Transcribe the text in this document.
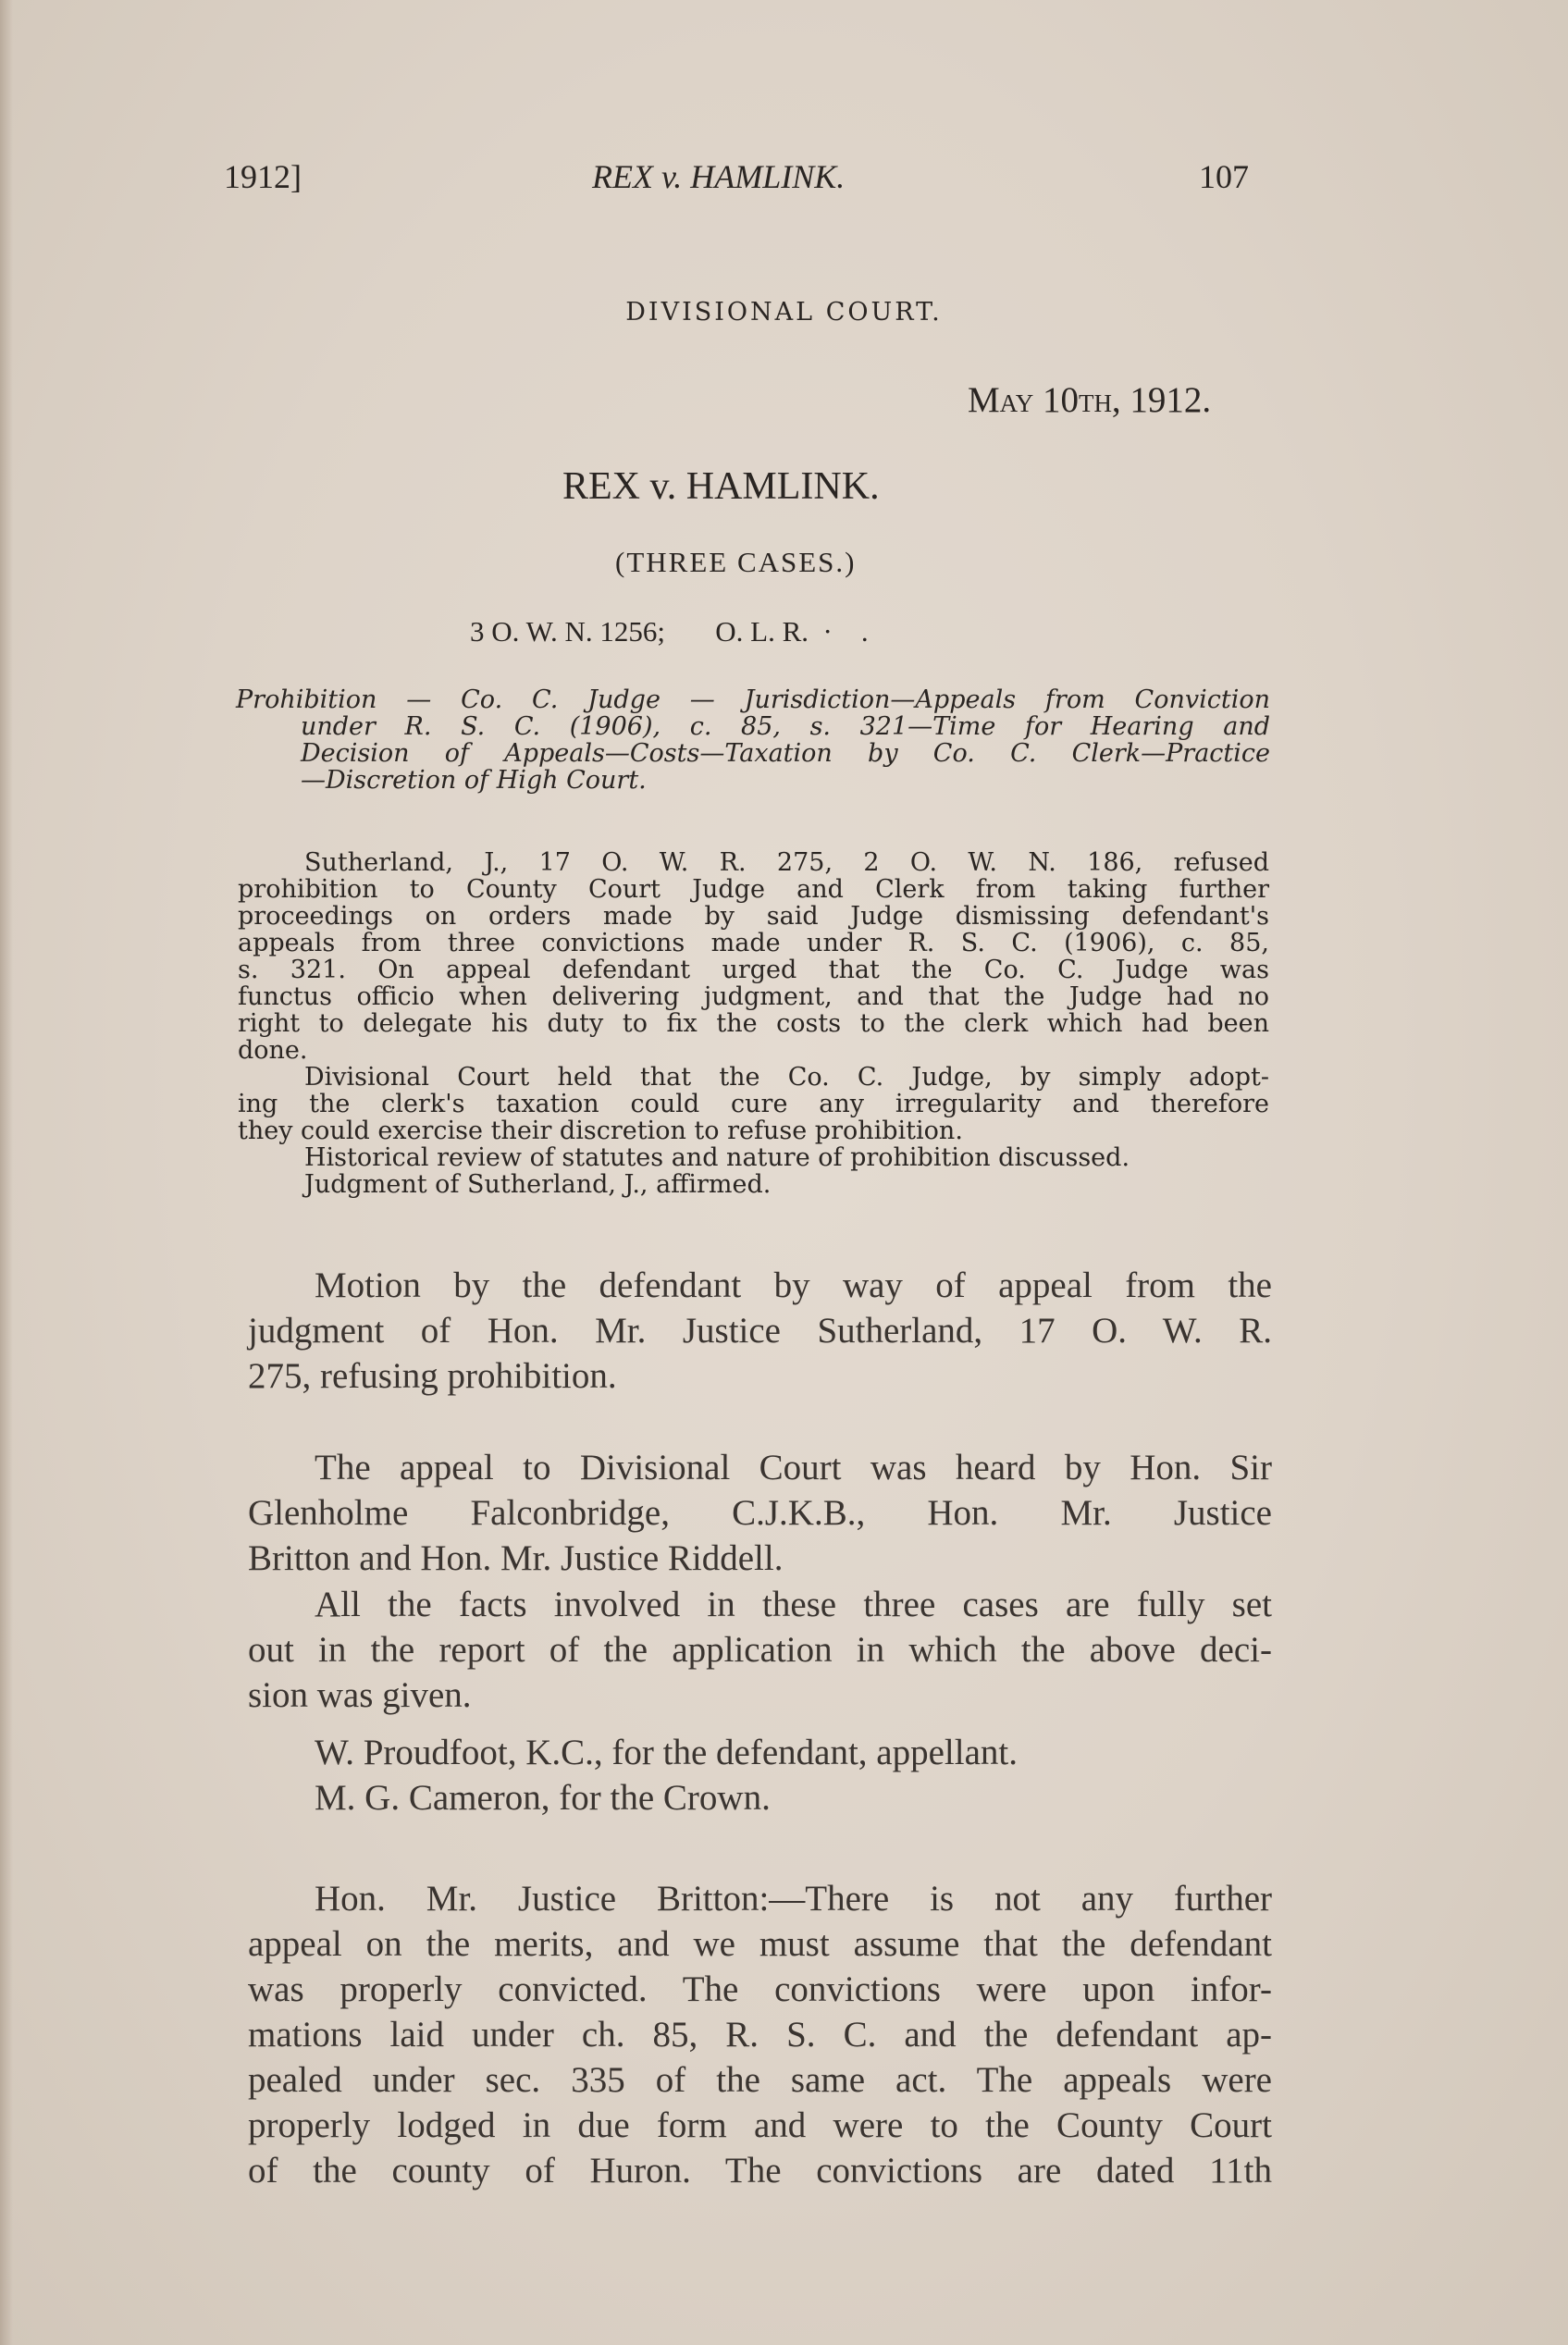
1912]	REX v. HAMLINK.	107
DIVISIONAL COURT.
May 10th, 1912.
REX v. HAMLINK.
(THREE CASES.)
3 O. W. N. 1256;       O. L. R.  ·    .

Prohibition — Co. C. Judge — Jurisdiction—Appeals from Conviction

under R. S. C. (1906), c. 85, s. 321—Time for Hearing and

Decision of Appeals—Costs—Taxation by Co. C. Clerk—Practice

—Discretion of High Court.

Sutherland, J., 17 O. W. R. 275, 2 O. W. N. 186, refused

prohibition to County Court Judge and Clerk from taking further

proceedings on orders made by said Judge dismissing defendant's

appeals from three convictions made under R. S. C. (1906), c. 85,

s. 321. On appeal defendant urged that the Co. C. Judge was

functus officio when delivering judgment, and that the Judge had no

right to delegate his duty to fix the costs to the clerk which had been

done.

Divisional Court held that the Co. C. Judge, by simply adopt-

ing the clerk's taxation could cure any irregularity and therefore

they could exercise their discretion to refuse prohibition.

Historical review of statutes and nature of prohibition discussed.

Judgment of Sutherland, J., affirmed.

Motion by the defendant by way of appeal from the

judgment of Hon. Mr. Justice Sutherland, 17 O. W. R.

275, refusing prohibition.

The appeal to Divisional Court was heard by Hon. Sir

Glenholme Falconbridge, C.J.K.B., Hon. Mr. Justice

Britton and Hon. Mr. Justice Riddell.

All the facts involved in these three cases are fully set

out in the report of the application in which the above deci-

sion was given.

W. Proudfoot, K.C., for the defendant, appellant.

M. G. Cameron, for the Crown.

Hon. Mr. Justice Britton:—There is not any further

appeal on the merits, and we must assume that the defendant

was properly convicted. The convictions were upon infor-

mations laid under ch. 85, R. S. C. and the defendant ap-

pealed under sec. 335 of the same act. The appeals were

properly lodged in due form and were to the County Court

of the county of Huron. The convictions are dated 11th
